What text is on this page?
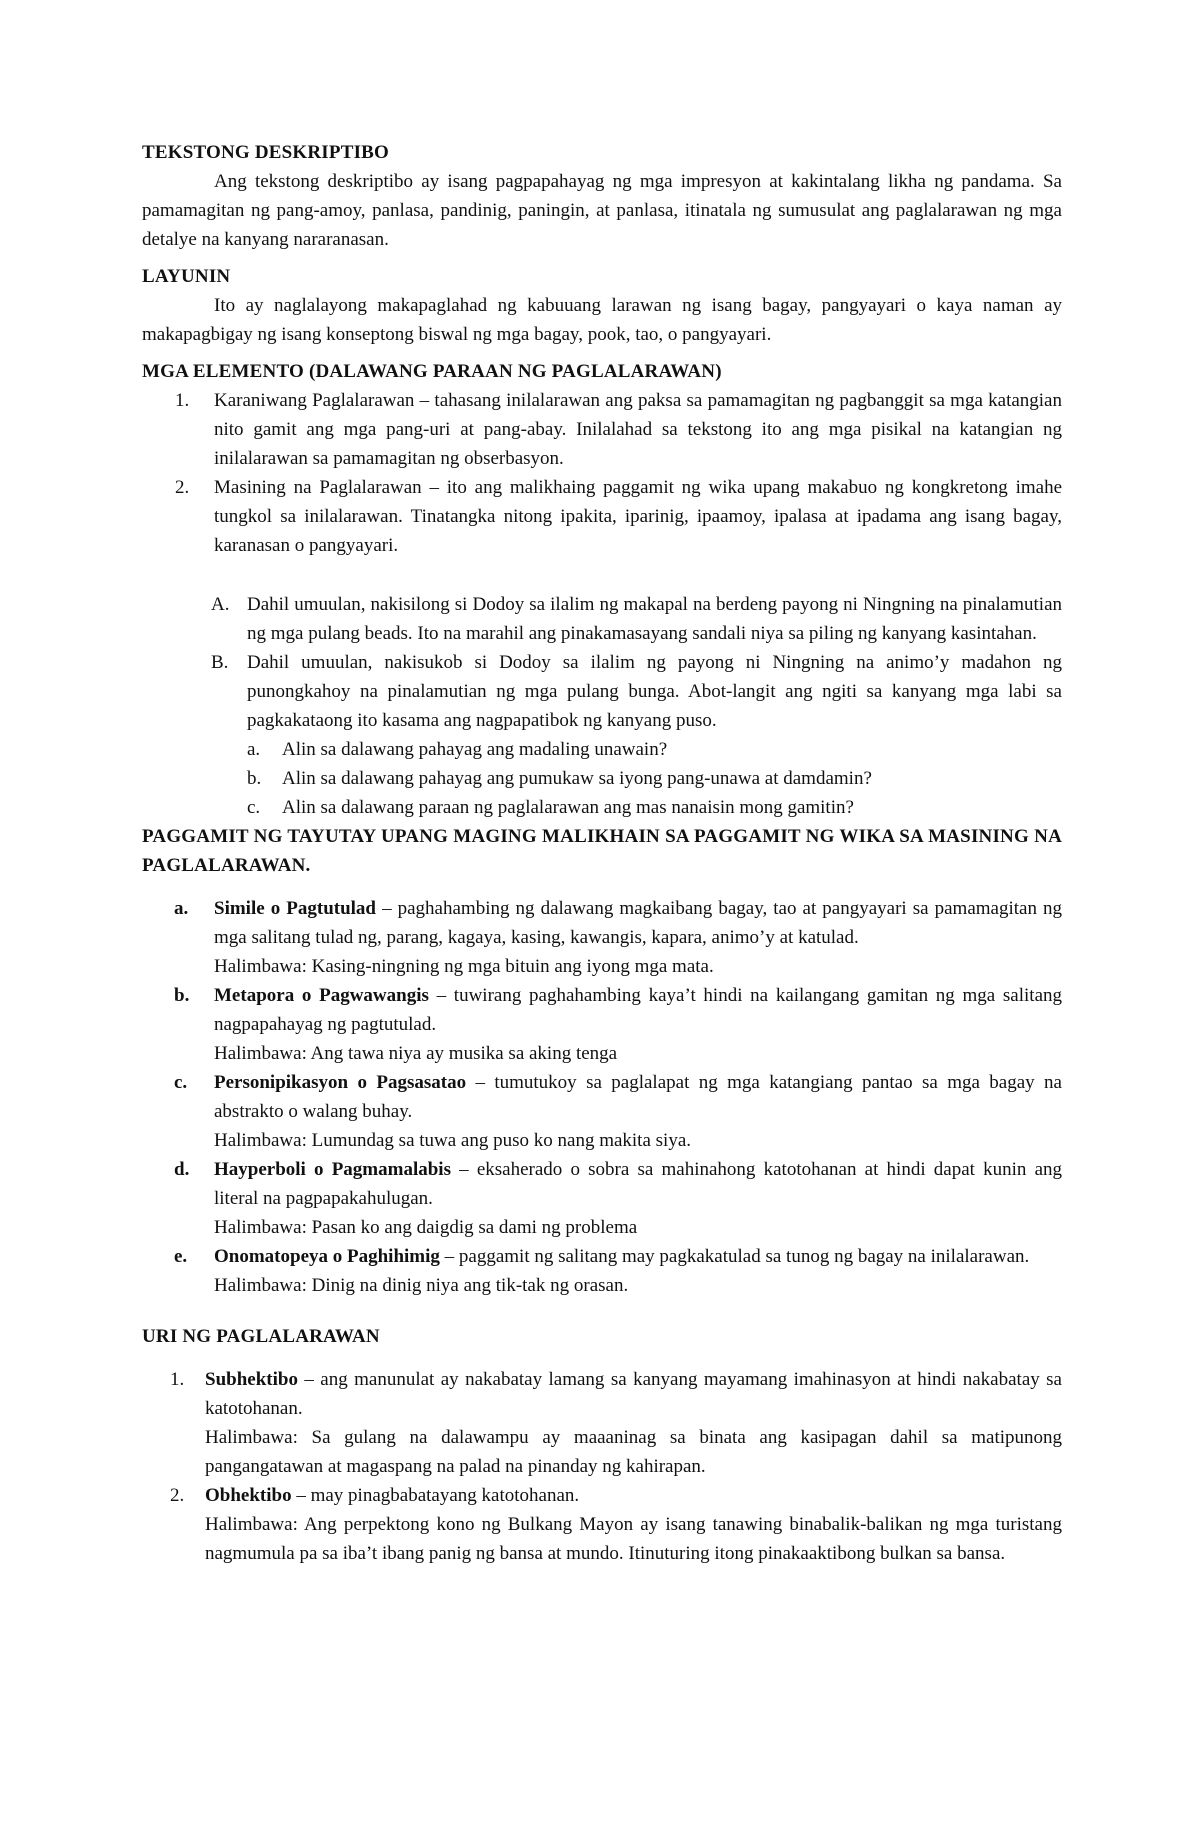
TEKSTONG DESKRIPTIBO

Ang tekstong deskriptibo ay isang pagpapahayag ng mga impresyon at kakintalang likha ng pandama. Sa pamamagitan ng pang-amoy, panlasa, pandinig, paningin, at panlasa, itinatala ng sumusulat ang paglalarawan ng mga detalye na kanyang nararanasan.

LAYUNIN

Ito ay naglalayong makapaglahad ng kabuuang larawan ng isang bagay, pangyayari o kaya naman ay makapagbigay ng isang konseptong biswal ng mga bagay, pook, tao, o pangyayari.

MGA ELEMENTO (DALAWANG PARAAN NG PAGLALARAWAN)

1. Karaniwang Paglalarawan – tahasang inilalarawan ang paksa sa pamamagitan ng pagbanggit sa mga katangian nito gamit ang mga pang-uri at pang-abay. Inilalahad sa tekstong ito ang mga pisikal na katangian ng inilalarawan sa pamamagitan ng obserbasyon.
2. Masining na Paglalarawan – ito ang malikhaing paggamit ng wika upang makabuo ng kongkretong imahe tungkol sa inilalarawan. Tinatangka nitong ipakita, iparinig, ipaamoy, ipalasa at ipadama ang isang bagay, karanasan o pangyayari.
A. Dahil umuulan, nakisilong si Dodoy sa ilalim ng makapal na berdeng payong ni Ningning na pinalamutian ng mga pulang beads. Ito na marahil ang pinakamasayang sandali niya sa piling ng kanyang kasintahan.
B. Dahil umuulan, nakisukob si Dodoy sa ilalim ng payong ni Ningning na animo’y madahon ng punongkahoy na pinalamutian ng mga pulang bunga. Abot-langit ang ngiti sa kanyang mga labi sa pagkakataong ito kasama ang nagpapatibok ng kanyang puso.
a. Alin sa dalawang pahayag ang madaling unawain?
b. Alin sa dalawang pahayag ang pumukaw sa iyong pang-unawa at damdamin?
c. Alin sa dalawang paraan ng paglalarawan ang mas nanaisin mong gamitin?

PAGGAMIT NG TAYUTAY UPANG MAGING MALIKHAIN SA PAGGAMIT NG WIKA SA MASINING NA PAGLALARAWAN.

a. Simile o Pagtutulad – paghahambing ng dalawang magkaibang bagay, tao at pangyayari sa pamamagitan ng mga salitang tulad ng, parang, kagaya, kasing, kawangis, kapara, animo’y at katulad.
Halimbawa: Kasing-ningning ng mga bituin ang iyong mga mata.
b. Metapora o Pagwawangis – tuwirang paghahambing kaya’t hindi na kailangang gamitan ng mga salitang nagpapahayag ng pagtutulad.
Halimbawa: Ang tawa niya ay musika sa aking tenga
c. Personipikasyon o Pagsasatao – tumutukoy sa paglalapat ng mga katangiang pantao sa mga bagay na abstrakto o walang buhay.
Halimbawa: Lumundag sa tuwa ang puso ko nang makita siya.
d. Hayperboli o Pagmamalabis – eksaherado o sobra sa mahinahong katotohanan at hindi dapat kunin ang literal na pagpapakahulugan.
Halimbawa: Pasan ko ang daigdig sa dami ng problema
e. Onomatopeya o Paghihimig – paggamit ng salitang may pagkakatulad sa tunog ng bagay na inilalarawan.
Halimbawa: Dinig na dinig niya ang tik-tak ng orasan.

URI NG PAGLALARAWAN

1. Subhektibo – ang manunulat ay nakabatay lamang sa kanyang mayamang imahinasyon at hindi nakabatay sa katotohanan.
Halimbawa: Sa gulang na dalawampu ay maaaninag sa binata ang kasipagan dahil sa matipunong pangangatawan at magaspang na palad na pinanday ng kahirapan.
2. Obhektibo – may pinagbabatayang katotohanan.
Halimbawa: Ang perpektong kono ng Bulkang Mayon ay isang tanawing binabalik-balikan ng mga turistang nagmumula pa sa iba’t ibang panig ng bansa at mundo. Itinuturing itong pinakaaktibong bulkan sa bansa.
